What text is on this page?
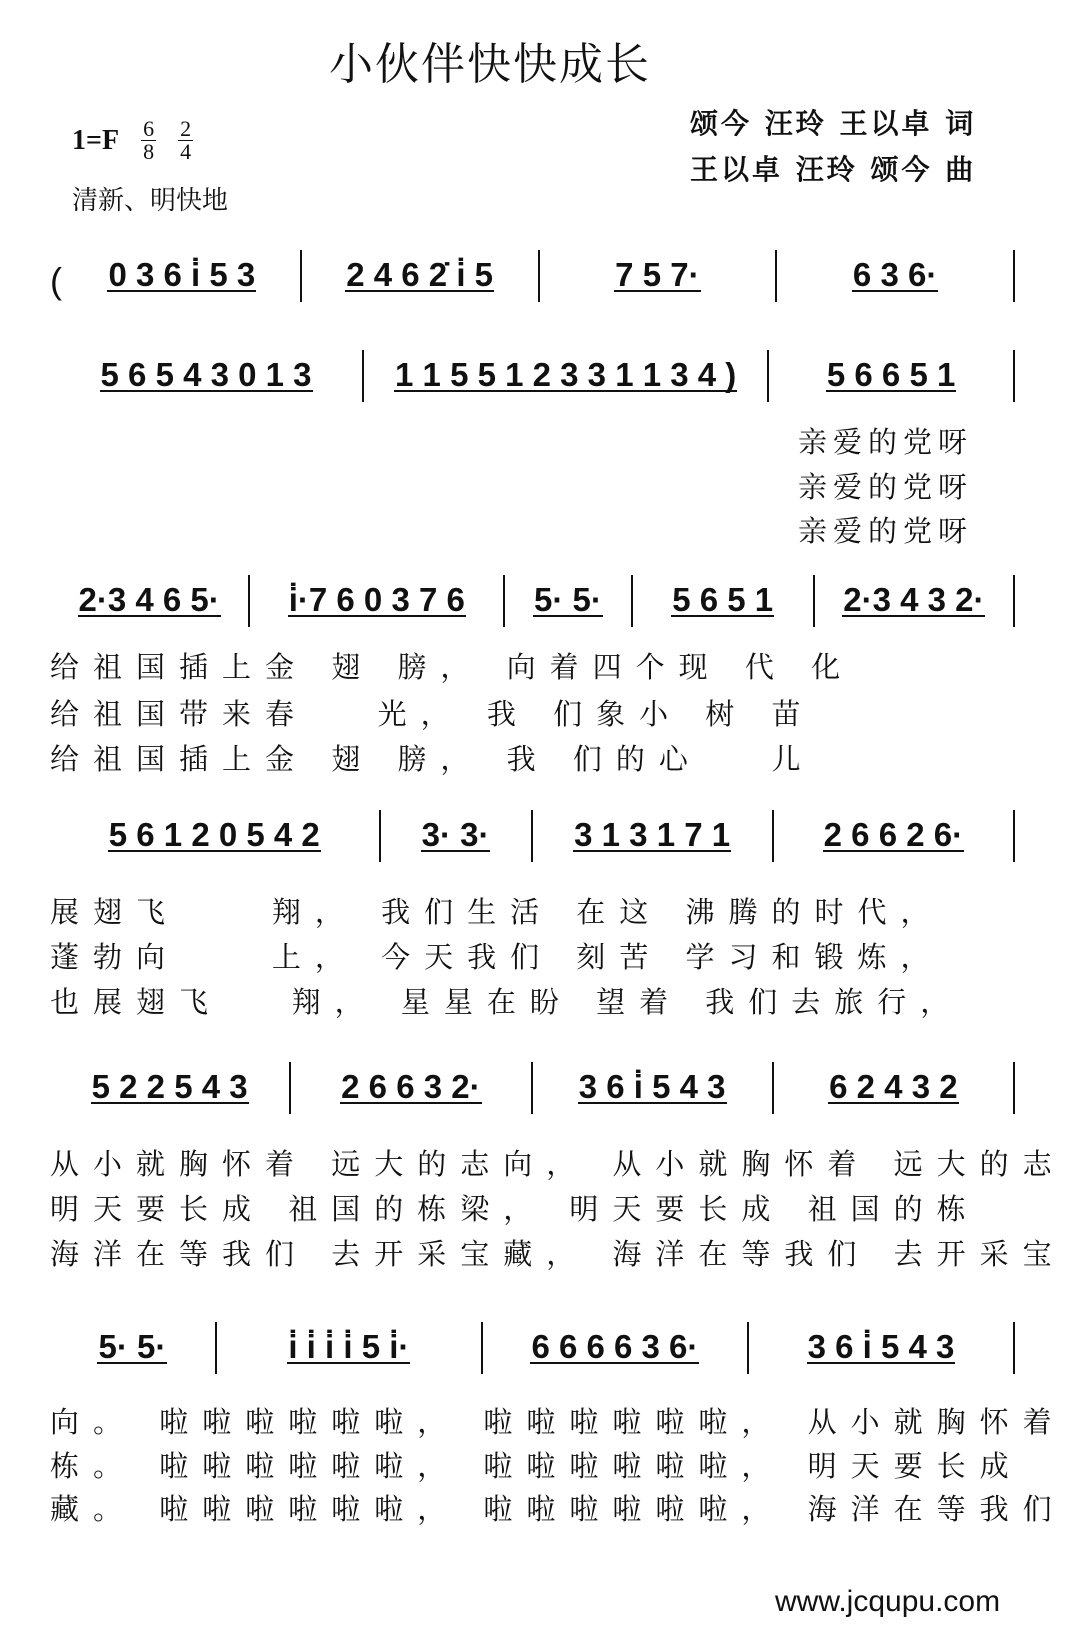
小伙伴快快成长
$1=F \frac{6}{8} \frac{2}{4}$
清新、明快地
颂今 汪玲 王以卓 词
王以卓 汪玲 颂今 曲
( 0 3 6 i̇ 5 3	2 4 6 2̇ i̇ 5	7 5 7·	6 3 6·
5 6 5 4 3 0 1 3	1 1 5 5 1 2 3 3 1 1 3 4 )	5 6 6 5 1
亲爱的党呀
亲爱的党呀
亲爱的党呀
2·3 4 6 5· i̇·7 6 0 3 7 6 5· 5· 5 6 5 1 2·3 4 3 2·
给祖国插上金 翅 膀， 向着四个现 代 化
给祖国带来春   光， 我 们象小 树 苗
给祖国插上金 翅 膀， 我 们的心   儿
5 6 1 2 0 5 4 2	3· 3·	3 1 3 1 7 1	2 6 6 2 6·
展翅飞    翔， 我们生活 在这 沸腾的时代，
蓬勃向    上， 今天我们 刻苦 学习和锻炼，
也展翅飞   翔， 星星在盼 望着 我们去旅行，
5 2 2 5 4 3	2 6 6 3 2·	3 6 i̇ 5 4 3	6 2 4 3 2
从小就胸怀着 远大的志向， 从小就胸怀着 远大的志
明天要长成 祖国的栋梁， 明天要长成 祖国的栋
海洋在等我们 去开采宝藏， 海洋在等我们 去开采宝
5· 5·	i̇ i̇ i̇ i̇ 5 i̇·	6 6 6 6 3 6·	3 6 i̇ 5 4 3
向。 啦啦啦啦啦啦， 啦啦啦啦啦啦， 从小就胸怀着
栋。 啦啦啦啦啦啦， 啦啦啦啦啦啦， 明天要长成
藏。 啦啦啦啦啦啦， 啦啦啦啦啦啦， 海洋在等我们
www.jcqupu.com
